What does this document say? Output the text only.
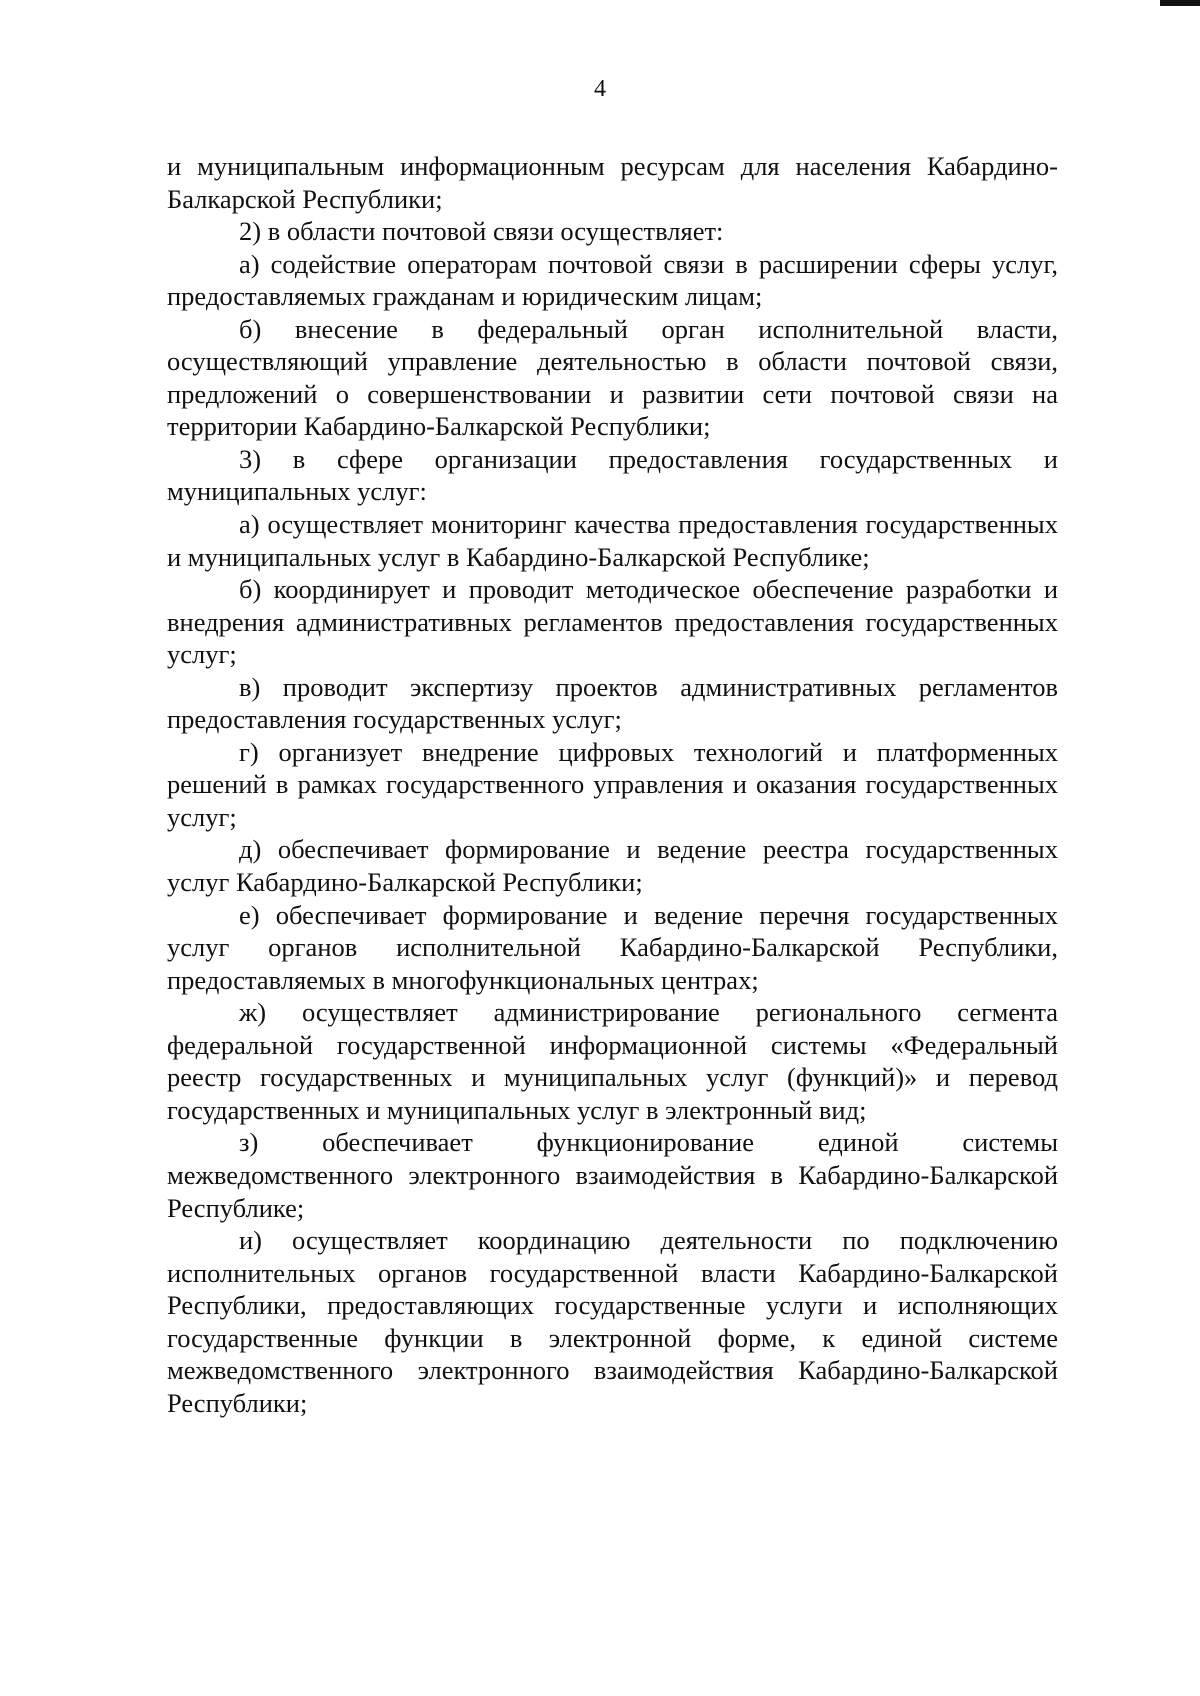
4

и муниципальным информационным ресурсам для населения Кабардино-Балкарской Республики;

2) в области почтовой связи осуществляет:

а) содействие операторам почтовой связи в расширении сферы услуг, предоставляемых гражданам и юридическим лицам;

б) внесение в федеральный орган исполнительной власти, осуществляющий управление деятельностью в области почтовой связи, предложений о совершенствовании и развитии сети почтовой связи на территории Кабардино-Балкарской Республики;

3) в сфере организации предоставления государственных и муниципальных услуг:

а) осуществляет мониторинг качества предоставления государственных и муниципальных услуг в Кабардино-Балкарской Республике;

б) координирует и проводит методическое обеспечение разработки и внедрения административных регламентов предоставления государственных услуг;

в) проводит экспертизу проектов административных регламентов предоставления государственных услуг;

г) организует внедрение цифровых технологий и платформенных решений в рамках государственного управления и оказания государственных услуг;

д) обеспечивает формирование и ведение реестра государственных услуг Кабардино-Балкарской Республики;

е) обеспечивает формирование и ведение перечня государственных услуг органов исполнительной Кабардино-Балкарской Республики, предоставляемых в многофункциональных центрах;

ж) осуществляет администрирование регионального сегмента федеральной государственной информационной системы «Федеральный реестр государственных и муниципальных услуг (функций)» и перевод государственных и муниципальных услуг в электронный вид;

з) обеспечивает функционирование единой системы межведомственного электронного взаимодействия в Кабардино-Балкарской Республике;

и) осуществляет координацию деятельности по подключению исполнительных органов государственной власти Кабардино-Балкарской Республики, предоставляющих государственные услуги и исполняющих государственные функции в электронной форме, к единой системе межведомственного электронного взаимодействия Кабардино-Балкарской Республики;
